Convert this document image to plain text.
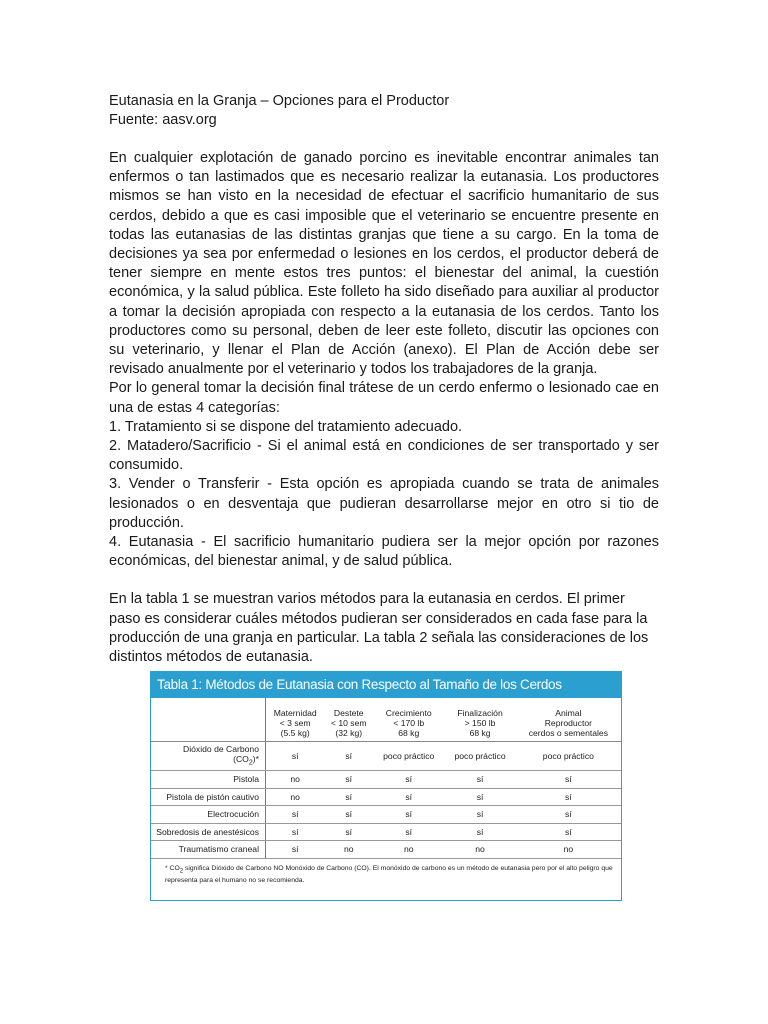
Eutanasia en la Granja – Opciones para el Productor

Fuente: aasv.org

En cualquier explotación de ganado porcino es inevitable encontrar animales tan enfermos o tan lastimados que es necesario realizar la eutanasia. Los productores mismos se han visto en la necesidad de efectuar el sacrificio humanitario de sus cerdos, debido a que es casi imposible que el veterinario se encuentre presente en todas las eutanasias de las distintas granjas que tiene a su cargo. En la toma de decisiones ya sea por enfermedad o lesiones en los cerdos, el productor deberá de tener siempre en mente estos tres puntos: el bienestar del animal, la cuestión económica, y la salud pública. Este folleto ha sido diseñado para auxiliar al productor a tomar la decisión apropiada con respecto a la eutanasia de los cerdos. Tanto los productores como su personal, deben de leer este folleto, discutir las opciones con su veterinario, y llenar el Plan de Acción (anexo). El Plan de Acción debe ser revisado anualmente por el veterinario y todos los trabajadores de la granja.

Por lo general tomar la decisión final trátese de un cerdo enfermo o lesionado cae en una de estas 4 categorías:

1. Tratamiento si se dispone del tratamiento adecuado.

2. Matadero/Sacrificio - Si el animal está en condiciones de ser transportado y ser consumido.

3. Vender o Transferir - Esta opción es apropiada cuando se trata de animales lesionados o en desventaja que pudieran desarrollarse mejor en otro si tio de producción.

4. Eutanasia - El sacrificio humanitario pudiera ser la mejor opción por razones económicas, del bienestar animal, y de salud pública.

En la tabla 1 se muestran varios métodos para la eutanasia en cerdos. El primer paso es considerar cuáles métodos pudieran ser considerados en cada fase para la producción de una granja en particular. La tabla 2 señala las consideraciones de los distintos métodos de eutanasia.

Tabla 1: Métodos de Eutanasia con Respecto al Tamaño de los Cerdos
	Maternidad
< 3 sem
(5.5 kg)	Destete
< 10 sem
(32 kg)	Crecimiento
< 170 lb
68 kg	Finalización
> 150 lb
68 kg	Animal
Reproductor
cerdos o sementales
Dióxido de Carbono
$(CO_2)*$	sí	sí	poco práctico	poco práctico	poco práctico
Pistola	no	sí	sí	sí	sí
Pistola de pistón cautivo	no	sí	sí	sí	sí
Electrocución	sí	sí	sí	sí	sí
Sobredosis de anestésicos	sí	sí	sí	sí	sí
Traumatismo craneal	sí	no	no	no	no
* $CO_2$ significa Dióxido de Carbono NO Monóxido de Carbono (CO). El monóxido de carbono es un método de eutanasia pero por el alto peligro que representa para el humano no se recomienda.
